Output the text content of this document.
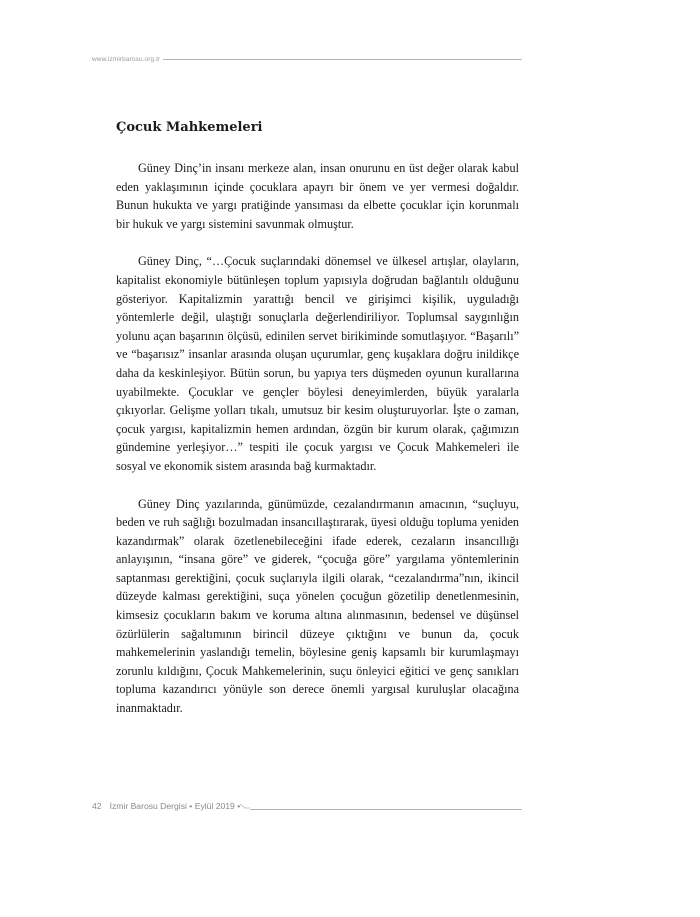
www.izmirbarosu.org.tr
Çocuk Mahkemeleri

Güney Dinç’in insanı merkeze alan, insan onurunu en üst değer olarak kabul eden yaklaşımının içinde çocuklara apayrı bir önem ve yer vermesi doğaldır. Bunun hukukta ve yargı pratiğinde yansıması da elbette çocuklar için korunmalı bir hukuk ve yargı sistemini savunmak olmuştur.

Güney Dinç, “…Çocuk suçlarındaki dönemsel ve ülkesel artışlar, olayların, kapitalist ekonomiyle bütünleşen toplum yapısıyla doğrudan bağlantılı olduğunu gösteriyor. Kapitalizmin yarattığı bencil ve girişimci kişilik, uyguladığı yöntemlerle değil, ulaştığı sonuçlarla değerlendiriliyor. Toplumsal saygınlığın yolunu açan başarının ölçüsü, edinilen servet birikiminde somutlaşıyor. “Başarılı” ve “başarısız” insanlar arasında oluşan uçurumlar, genç kuşaklara doğru inildikçe daha da keskinleşiyor. Bütün sorun, bu yapıya ters düşmeden oyunun kurallarına uyabilmekte. Çocuklar ve gençler böylesi deneyimlerden, büyük yaralarla çıkıyorlar. Gelişme yolları tıkalı, umutsuz bir kesim oluşturuyorlar. İşte o zaman, çocuk yargısı, kapitalizmin hemen ardından, özgün bir kurum olarak, çağımızın gündemine yerleşiyor…” tespiti ile çocuk yargısı ve Çocuk Mahkemeleri ile sosyal ve ekonomik sistem arasında bağ kurmaktadır.

Güney Dinç yazılarında, günümüzde, cezalandırmanın amacının, “suçluyu, beden ve ruh sağlığı bozulmadan insancıllaştırarak, üyesi olduğu topluma yeniden kazandırmak” olarak özetlenebileceğini ifade ederek, cezaların insancıllığı anlayışının, “insana göre” ve giderek, “çocuğa göre” yargılama yöntemlerinin saptanması gerektiğini, çocuk suçlarıyla ilgili olarak, “cezalandırma”nın, ikincil düzeyde kalması gerektiğini, suça yönelen çocuğun gözetilip denetlenmesinin, kimsesiz çocukların bakım ve koruma altına alınmasının, bedensel ve düşünsel özürlülerin sağaltımının birincil düzeye çıktığını ve bunun da, çocuk mahkemelerinin yaslandığı temelin, böylesine geniş kapsamlı bir kurumlaşmayı zorunlu kıldığını, Çocuk Mahkemelerinin, suçu önleyici eğitici ve genç sanıkları topluma kazandırıcı yönüyle son derece önemli yargısal kuruluşlar olacağına inanmaktadır.

42 İzmir Barosu Dergisi • Eylül 2019 •
